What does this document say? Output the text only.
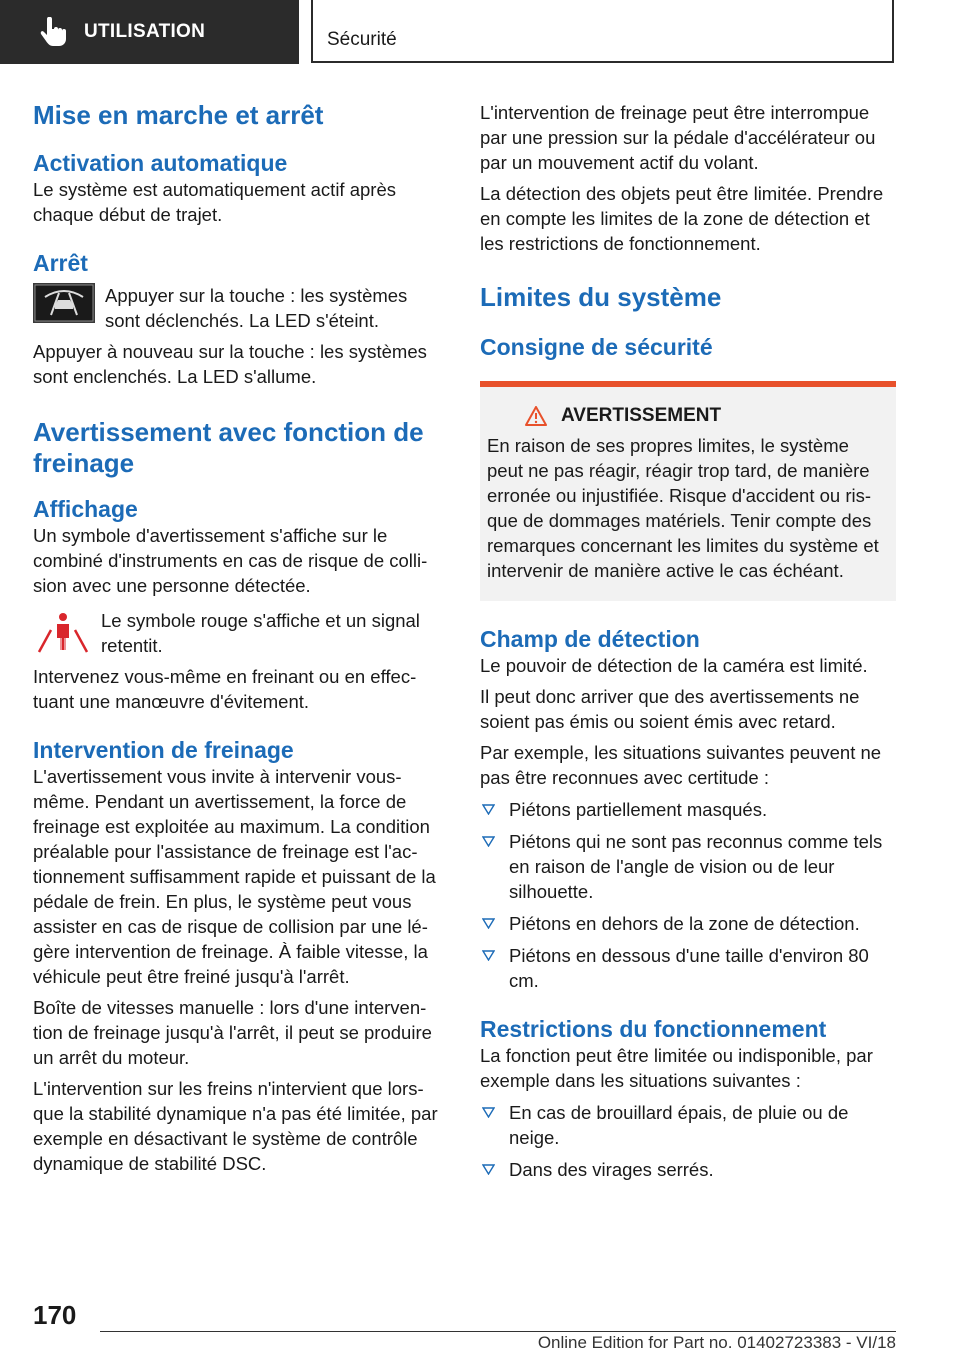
UTILISATION	Sécurité
Mise en marche et arrêt
Activation automatique

Le système est automatiquement actif après chaque début de trajet.

Arrêt

Appuyer sur la touche : les systèmes sont déclenchés. La LED s'éteint.

Appuyer à nouveau sur la touche : les systèmes sont enclenchés. La LED s'allume.

Avertissement avec fonction de freinage
Affichage

Un symbole d'avertissement s'affiche sur le combiné d'instruments en cas de risque de collision avec une personne détectée.

Le symbole rouge s'affiche et un signal retentit.

Intervenez vous-même en freinant ou en effectuant une manœuvre d'évitement.

Intervention de freinage

L'avertissement vous invite à intervenir vous-même. Pendant un avertissement, la force de freinage est exploitée au maximum. La condition préalable pour l'assistance de freinage est l'actionnement suffisamment rapide et puissant de la pédale de frein. En plus, le système peut vous assister en cas de risque de collision par une légère intervention de freinage. À faible vitesse, la véhicule peut être freiné jusqu'à l'arrêt.

Boîte de vitesses manuelle : lors d'une intervention de freinage jusqu'à l'arrêt, il peut se produire un arrêt du moteur.

L'intervention sur les freins n'intervient que lorsque la stabilité dynamique n'a pas été limitée, par exemple en désactivant le système de contrôle dynamique de stabilité DSC.

L'intervention de freinage peut être interrompue par une pression sur la pédale d'accélérateur ou par un mouvement actif du volant.

La détection des objets peut être limitée. Prendre en compte les limites de la zone de détection et les restrictions de fonctionnement.

Limites du système
Consigne de sécurité
AVERTISSEMENT

En raison de ses propres limites, le système peut ne pas réagir, réagir trop tard, de manière erronée ou injustifiée. Risque d'accident ou risque de dommages matériels. Tenir compte des remarques concernant les limites du système et intervenir de manière active le cas échéant.

Champ de détection

Le pouvoir de détection de la caméra est limité.

Il peut donc arriver que des avertissements ne soient pas émis ou soient émis avec retard.

Par exemple, les situations suivantes peuvent ne pas être reconnues avec certitude :

Piétons partiellement masqués.
Piétons qui ne sont pas reconnus comme tels en raison de l'angle de vision ou de leur silhouette.
Piétons en dehors de la zone de détection.
Piétons en dessous d'une taille d'environ 80 cm.
Restrictions du fonctionnement

La fonction peut être limitée ou indisponible, par exemple dans les situations suivantes :

En cas de brouillard épais, de pluie ou de neige.
Dans des virages serrés.
170
Online Edition for Part no. 01402723383 - VI/18
